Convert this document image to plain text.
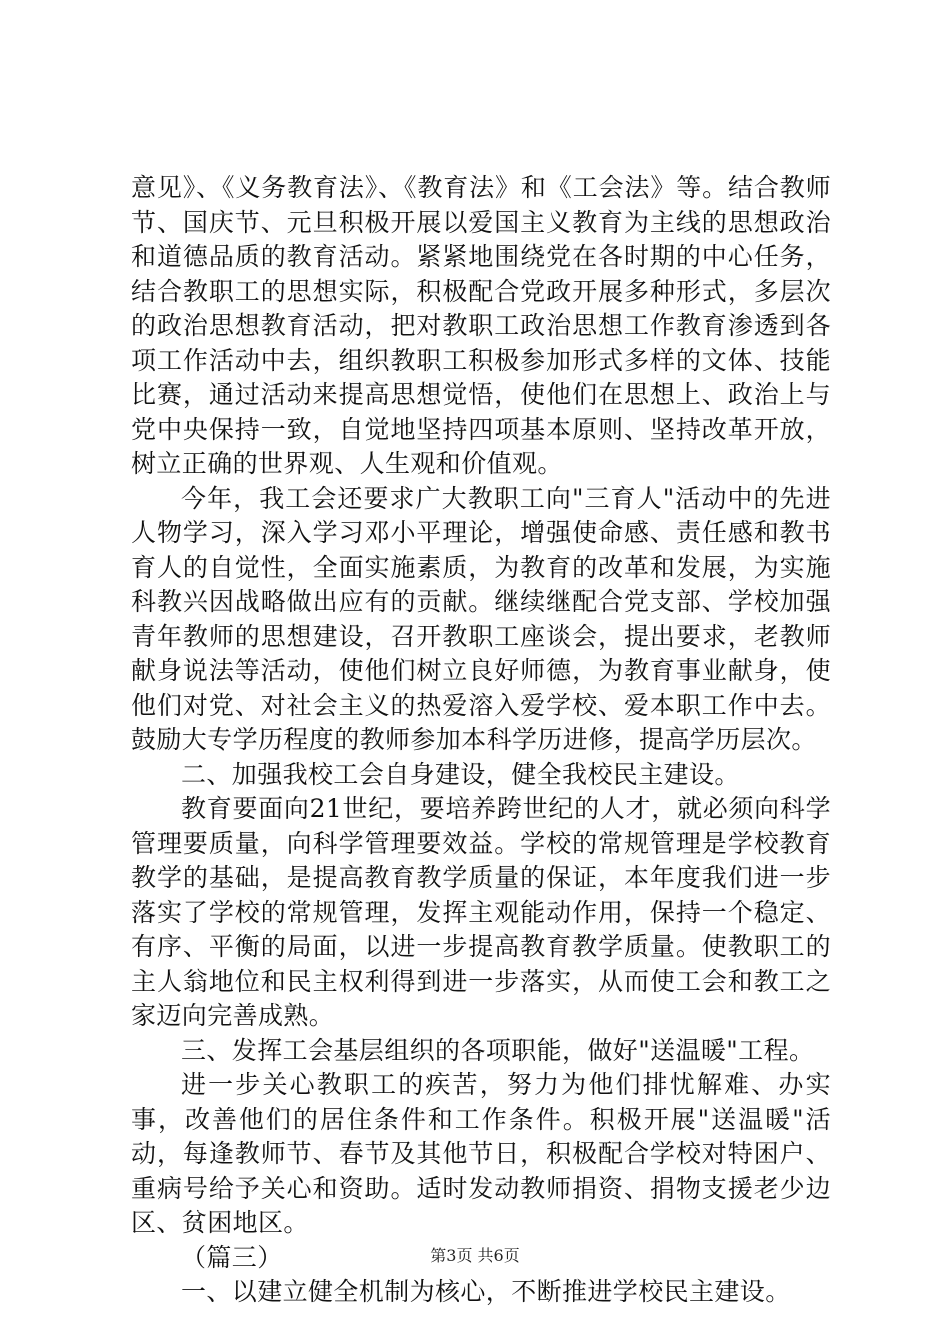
意见》、《义务教育法》、《教育法》和《工会法》等。结合教师节、国庆节、元旦积极开展以爱国主义教育为主线的思想政治和道德品质的教育活动。紧紧地围绕党在各时期的中心任务，结合教职工的思想实际，积极配合党政开展多种形式，多层次的政治思想教育活动，把对教职工政治思想工作教育渗透到各项工作活动中去，组织教职工积极参加形式多样的文体、技能比赛，通过活动来提高思想觉悟，使他们在思想上、政治上与党中央保持一致，自觉地坚持四项基本原则、坚持改革开放，树立正确的世界观、人生观和价值观。

今年，我工会还要求广大教职工向"三育人"活动中的先进人物学习，深入学习邓小平理论，增强使命感、责任感和教书育人的自觉性，全面实施素质，为教育的改革和发展，为实施科教兴因战略做出应有的贡献。继续继配合党支部、学校加强青年教师的思想建设，召开教职工座谈会，提出要求，老教师献身说法等活动，使他们树立良好师德，为教育事业献身，使他们对党、对社会主义的热爱溶入爱学校、爱本职工作中去。鼓励大专学历程度的教师参加本科学历进修，提高学历层次。

二、加强我校工会自身建设，健全我校民主建设。

教育要面向21世纪，要培养跨世纪的人才，就必须向科学管理要质量，向科学管理要效益。学校的常规管理是学校教育教学的基础，是提高教育教学质量的保证，本年度我们进一步落实了学校的常规管理，发挥主观能动作用，保持一个稳定、有序、平衡的局面，以进一步提高教育教学质量。使教职工的主人翁地位和民主权利得到进一步落实，从而使工会和教工之家迈向完善成熟。

三、发挥工会基层组织的各项职能，做好"送温暖"工程。

进一步关心教职工的疾苦，努力为他们排忧解难、办实事，改善他们的居住条件和工作条件。积极开展"送温暖"活动，每逢教师节、春节及其他节日，积极配合学校对特困户、重病号给予关心和资助。适时发动教师捐资、捐物支援老少边区、贫困地区。

（篇三）

一、以建立健全机制为核心，不断推进学校民主建设。

第3页 共6页
